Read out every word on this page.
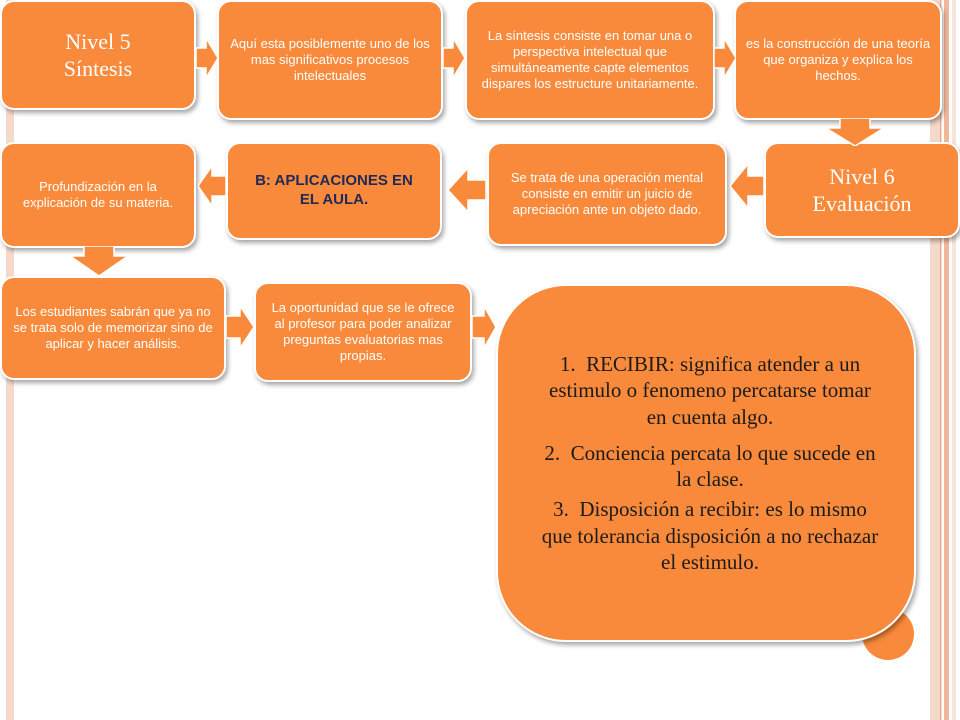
Nivel 5
Síntesis
Aquí esta posiblemente uno de los mas significativos procesos intelectuales
La síntesis consiste en tomar una o perspectiva intelectual que simultáneamente capte elementos dispares los estructure unitariamente.
es la construcción de una teoría que organiza y explica los hechos.
Profundización en la explicación de su materia.
B: APLICACIONES EN EL AULA.
Se trata de una operación mental consiste en emitir un juicio de apreciación ante un objeto dado.
Nivel 6
Evaluación
Los estudiantes sabrán que ya no se trata solo de memorizar sino de aplicar y hacer análisis.
La oportunidad que se le ofrece al profesor para poder analizar preguntas evaluatorias mas propias.	1. RECIBIR: significa atender a un estimulo o fenomeno percatarse tomar en cuenta algo.
2. Conciencia percata lo que sucede en la clase.
3. Disposición a recibir: es lo mismo que tolerancia disposición a no rechazar el estimulo.
